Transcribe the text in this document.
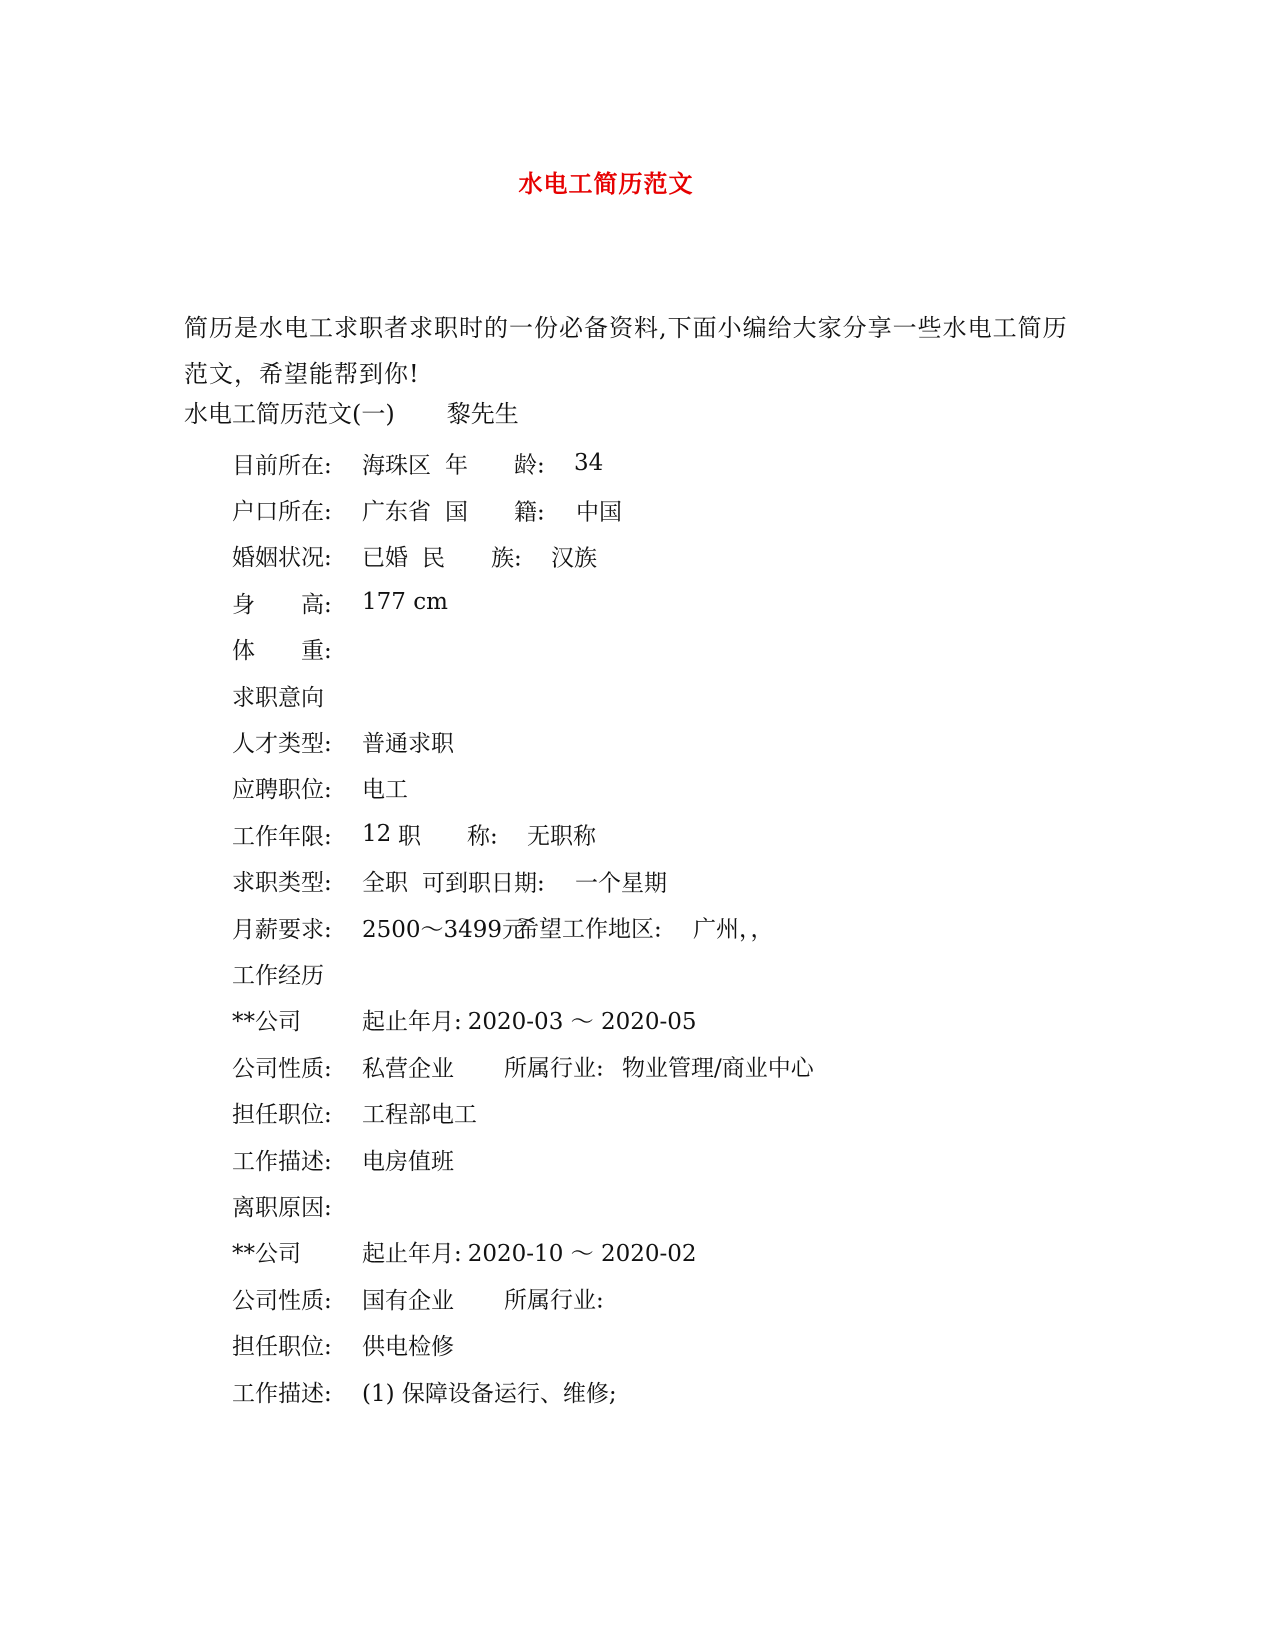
水电工简历范文
简历是水电工求职者求职时的一份必备资料,下面小编给大家分享一些水电工简历
范文，希望能帮到你!
水电工简历范文(一) 黎先生
目前所在:	海珠区 年　　龄: 34
户口所在:	广东省 国　　籍: 中国
婚姻状况:	已婚 民　　族: 汉族
身　　高:	177 cm
体　　重:
求职意向
人才类型:	普通求职
应聘职位:	电工
工作年限:	12 职　　称: 无职称
求职类型:	全职 可到职日期: 一个星期
月薪要求:	2500～3499元
希望工作地区: 广州，，
工作经历
**公司	起止年月: 2020-03 ～ 2020-05
公司性质:	私营企业 所属行业: 物业管理/商业中心
担任职位:	工程部电工
工作描述:	电房值班
离职原因:
**公司	起止年月: 2020-10 ～ 2020-02
公司性质:	国有企业 所属行业:
担任职位:	供电检修
工作描述:	(1) 保障设备运行、维修;
